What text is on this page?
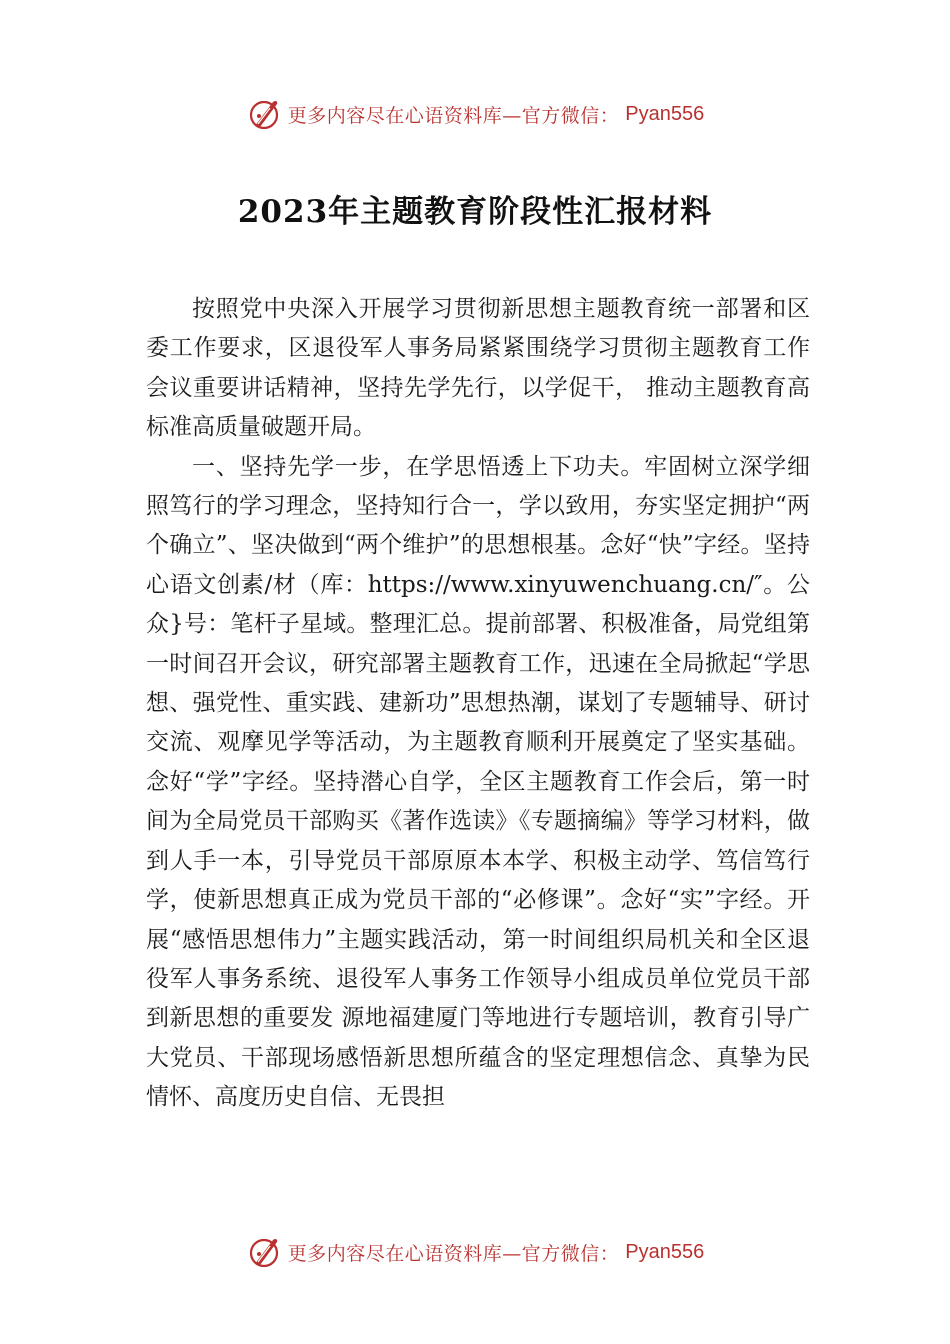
更多内容尽在心语资料库—官方微信： Pyan556
2023年主题教育阶段性汇报材料

按照党中央深入开展学习贯彻新思想主题教育统一部署和区委工作要求，区退役军人事务局紧紧围绕学习贯彻主题教育工作会议重要讲话精神，坚持先学先行，以学促干， 推动主题教育高标准高质量破题开局。

一、坚持先学一步，在学思悟透上下功夫。牢固树立深学细照笃行的学习理念，坚持知行合一，学以致用，夯实坚定拥护“两个确立”、坚决做到“两个维护”的思想根基。念好“快”字经。坚持心语文创素/材（库：https://www.xinyuwenchuang.cn/″。公众}号：笔杆子星域。整理汇总。提前部署、积极准备，局党组第一时间召开会议，研究部署主题教育工作，迅速在全局掀起“学思想、强党性、重实践、建新功”思想热潮，谋划了专题辅导、研讨交流、观摩见学等活动，为主题教育顺利开展奠定了坚实基础。念好“学”字经。坚持潜心自学，全区主题教育工作会后，第一时间为全局党员干部购买《著作选读》《专题摘编》等学习材料，做到人手一本，引导党员干部原原本本学、积极主动学、笃信笃行学，使新思想真正成为党员干部的“必修课”。念好“实”字经。开展“感悟思想伟力”主题实践活动，第一时间组织局机关和全区退役军人事务系统、退役军人事务工作领导小组成员单位党员干部到新思想的重要发 源地福建厦门等地进行专题培训，教育引导广大党员、干部现场感悟新思想所蕴含的坚定理想信念、真挚为民情怀、高度历史自信、无畏担

更多内容尽在心语资料库—官方微信： Pyan556
